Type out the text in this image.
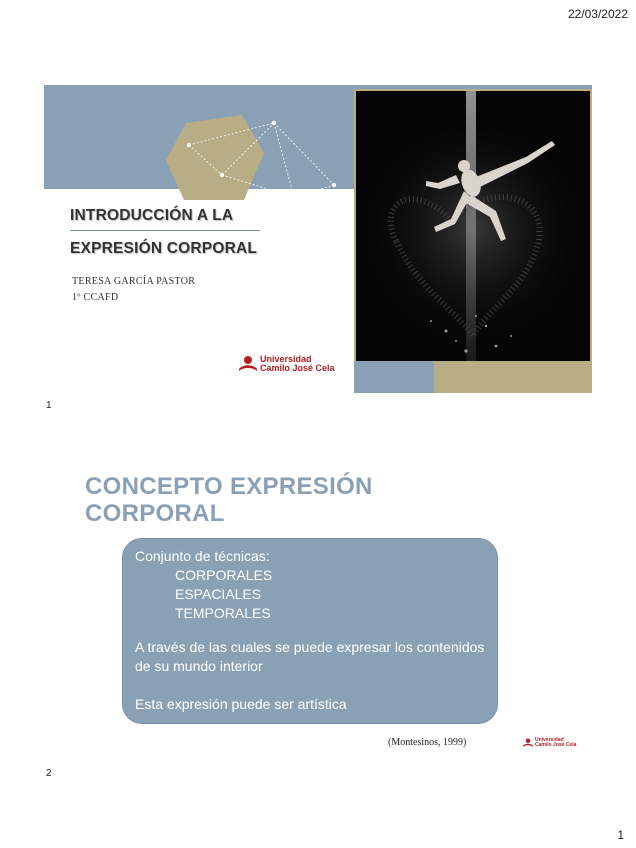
22/03/2022
INTRODUCCIÓN A LA
EXPRESIÓN CORPORAL
TERESA GARCÍA PASTOR
1º CCAFD
Universidad
Camilo José Cela
1
CONCEPTO EXPRESIÓN
CORPORAL
Conjunto de técnicas:
CORPORALES
ESPACIALES
TEMPORALES
A través de las cuales se puede expresar los contenidos de su mundo interior
Esta expresión puede ser artística
(Montesinos, 1999)	Universidad
Camilo José Cela
2
1
